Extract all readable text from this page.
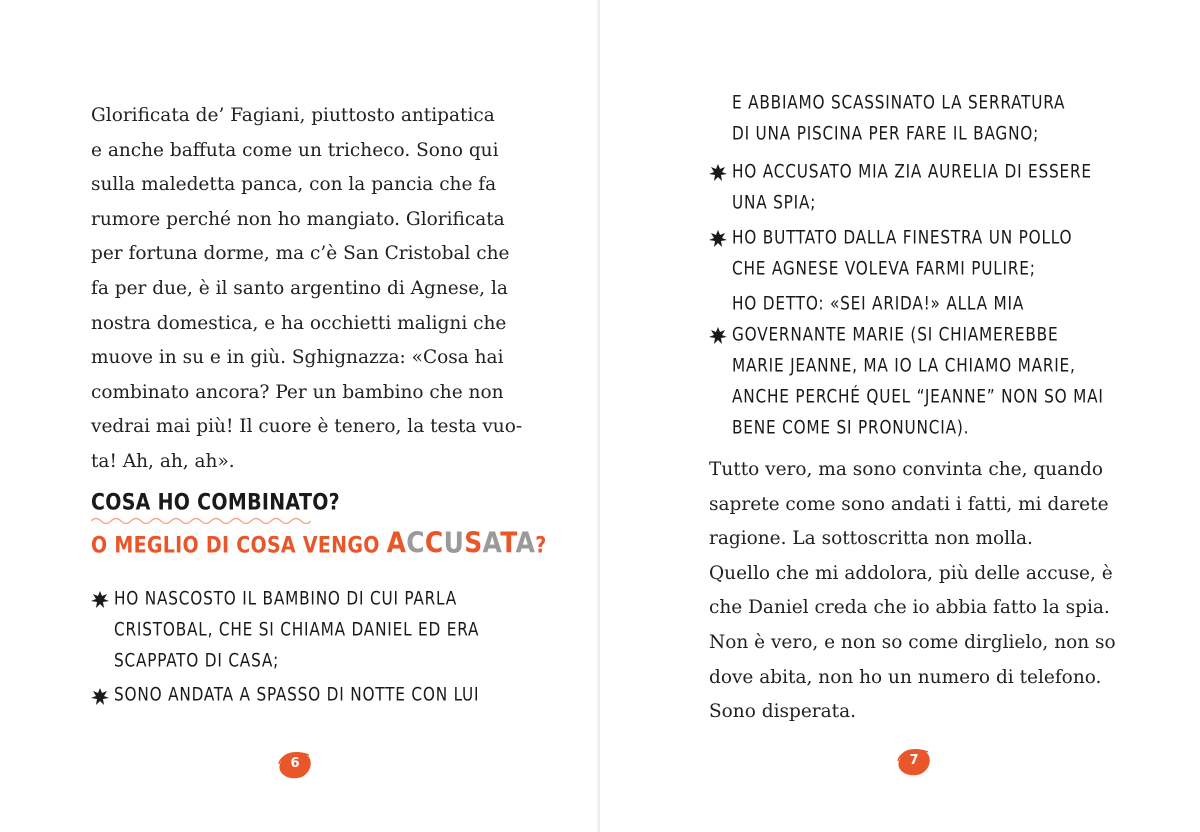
Glorificata de’ Fagiani, piuttosto antipatica
e anche baffuta come un tricheco. Sono qui
sulla maledetta panca, con la pancia che fa
rumore perché non ho mangiato. Glorificata
per fortuna dorme, ma c’è San Cristobal che
fa per due, è il santo argentino di Agnese, la
nostra domestica, e ha occhietti maligni che
muove in su e in giù. Sghignazza: «Cosa hai
combinato ancora? Per un bambino che non
vedrai mai più! Il cuore è tenero, la testa vuo-
ta! Ah, ah, ah».
COSA HO COMBINATO?
O MEGLIO DI COSA VENGO ACCUSATA?
HO NASCOSTO IL BAMBINO DI CUI PARLA
CRISTOBAL, CHE SI CHIAMA DANIEL ED ERA
SCAPPATO DI CASA;
SONO ANDATA A SPASSO DI NOTTE CON LUI
6
E ABBIAMO SCASSINATO LA SERRATURA
DI UNA PISCINA PER FARE IL BAGNO;
HO ACCUSATO MIA ZIA AURELIA DI ESSERE
UNA SPIA;
HO BUTTATO DALLA FINESTRA UN POLLO
CHE AGNESE VOLEVA FARMI PULIRE;
HO DETTO: «SEI ARIDA!» ALLA MIA
GOVERNANTE MARIE (SI CHIAMEREBBE
MARIE JEANNE, MA IO LA CHIAMO MARIE,
ANCHE PERCHÉ QUEL “JEANNE” NON SO MAI
BENE COME SI PRONUNCIA).
Tutto vero, ma sono convinta che, quando
saprete come sono andati i fatti, mi darete
ragione. La sottoscritta non molla.
Quello che mi addolora, più delle accuse, è
che Daniel creda che io abbia fatto la spia.
Non è vero, e non so come dirglielo, non so
dove abita, non ho un numero di telefono.
Sono disperata.
7
